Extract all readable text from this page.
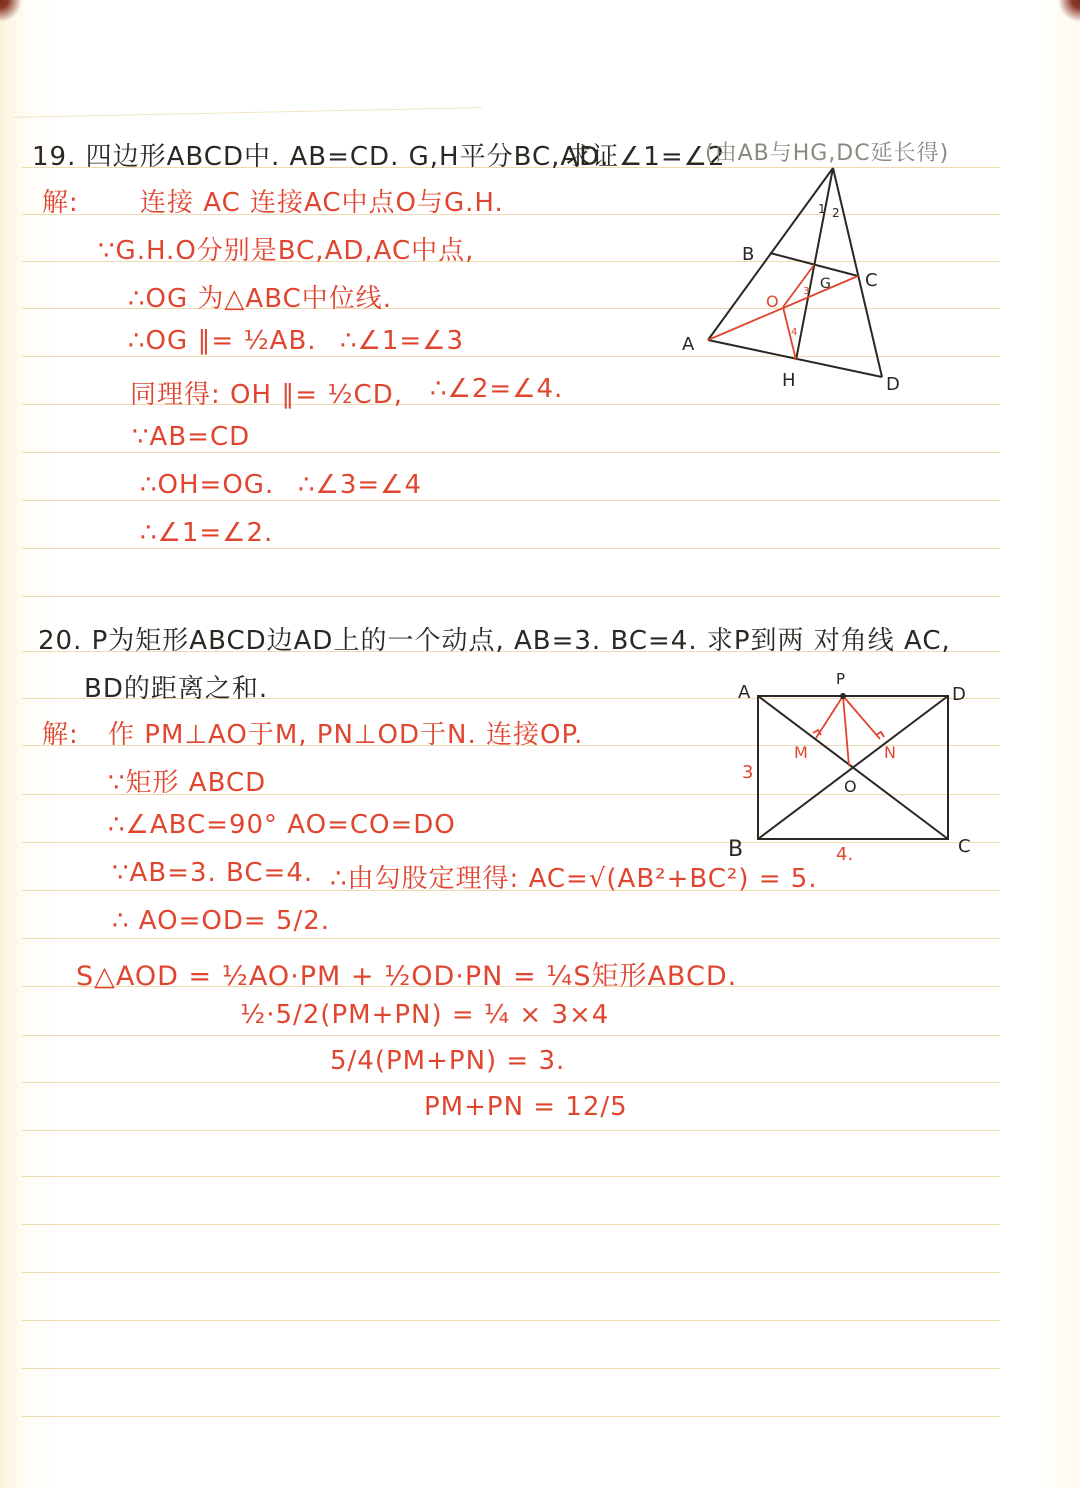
19. 四边形ABCD中. AB=CD. G,H平分BC,AD.
求证∠1=∠2
(由AB与HG,DC延长得)
解: 连接 AC 连接AC中点O与G.H.
∵G.H.O分别是BC,AD,AC中点,
∴OG 为△ABC中位线.
∴OG ∥= ½AB. ∴∠1=∠3
同理得: OH ∥= ½CD, ∴∠2=∠4.
∵AB=CD
∴OH=OG. ∴∠3=∠4
∴∠1=∠2.
B
C
A
H	D
G
1 2
O
3
4
20. P为矩形ABCD边AD上的一个动点, AB=3. BC=4. 求P到两 对角线 AC,
BD的距离之和.
解: 作 PM⊥AO于M, PN⊥OD于N. 连接OP.
∵矩形 ABCD
∴∠ABC=90° AO=CO=DO
∵AB=3. BC=4. ∴由勾股定理得: AC=√(AB²+BC²) = 5.
∴ AO=OD= 5/2.
S△AOD = ½AO·PM + ½OD·PN = ¼S矩形ABCD.
½·5/2(PM+PN) = ¼ × 3×4
5/4(PM+PN) = 3.
PM+PN = 12/5
A
P
D
B	C
O
M	N
3
4.
